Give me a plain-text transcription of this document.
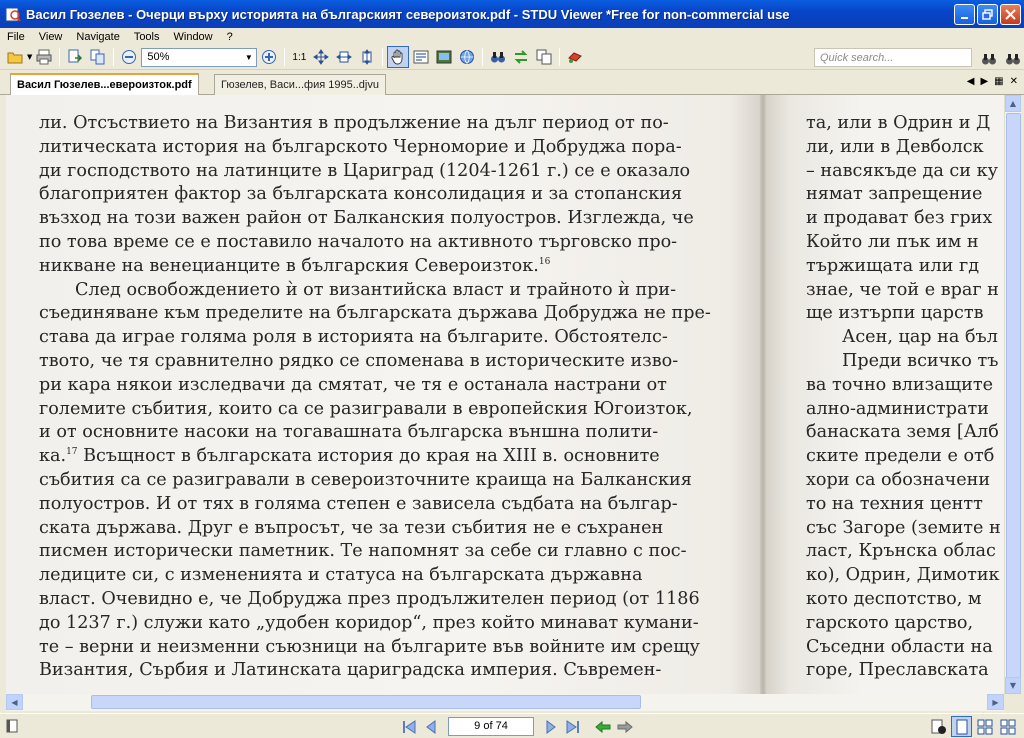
Васил Гюзелев - Очерци върху историята на българският североизток.pdf - STDU Viewer *Free for non-commercial use
File	View	Navigate	Tools	Window	?
▼	50%	▼	1:1	Quick search...
Васил Гюзелев...евероизток.pdf	Гюзелев, Васи...фия 1995..djvu	◀ ▶ ▦ ✕
ли. Отсъствието на Византия в продължение на дълг период от по-
литическата история на българското Черноморие и Добруджа пора-
ди господството на латинците в Цариград (1204-1261 г.) се е оказало
благоприятен фактор за българската консолидация и за стопанския
възход на този важен район от Балканския полуостров. Изглежда, че
по това време се е поставило началото на активното търговско про-
никване на венецианците в българския Североизток.$^{16}$
След освобождението ѝ от византийска власт и трайното ѝ при-
съединяване към пределите на българската държава Добруджа не пре-
става да играе голяма роля в историята на българите. Обстоятелс-
твото, че тя сравнително рядко се споменава в историческите изво-
ри кара някои изследвачи да смятат, че тя е останала настрани от
големите събития, които са се разигравали в европейския Югоизток,
и от основните насоки на тогавашната българска външна полити-
ка.$^{17}$ Всъщност в българската история до края на XIII в. основните
събития са се разигравали в североизточните краища на Балканския
полуостров. И от тях в голяма степен е зависела съдбата на българ-
ската държава. Друг е въпросът, че за тези събития не е съхранен
писмен исторически паметник. Те напомнят за себе си главно с пос-
ледиците си, с измененията и статуса на българската държавна
власт. Очевидно е, че Добруджа през продължителен период (от 1186
до 1237 г.) служи като „удобен коридор“, през който минават кумани-
те – верни и неизменни съюзници на българите във войните им срещу
Византия, Сърбия и Латинската цариградска империя. Съвремен-
та, или в Одрин и Д
ли, или в Девболск
– навсякъде да си ку
нямат запрещение
и продават без грих
Който ли пък им н
тържищата или гд
знае, че той е враг н
ще изтърпи царств
Асен, цар на бъл
Преди всичко тъ
ва точно влизащите
ално-администрати
банаската земя [Алб
ските предели е отб
хори са обозначени
то на техния центт
със Загоре (земите н
ласт, Крънска облас
ко), Одрин, Димотик
кото деспотство, м
гарското царство,
Съседни области на
горе, Преславската
▲
▼
◀	▶
9 of 74
